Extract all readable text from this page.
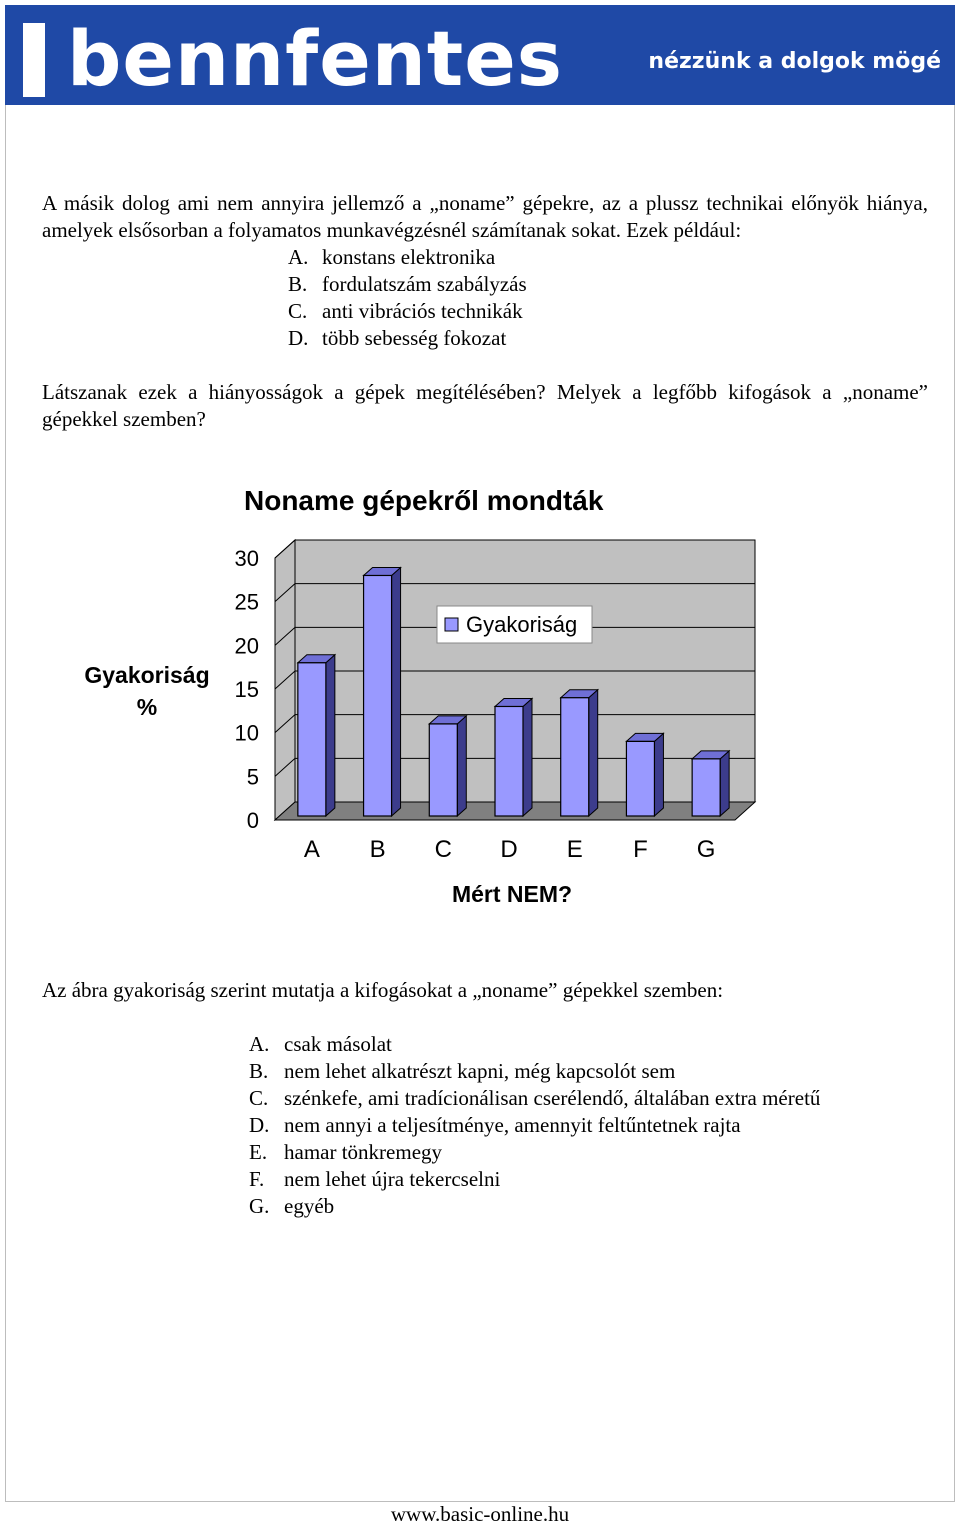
bennfentes	nézzünk a dolgok mögé
A másik dolog ami nem annyira jellemző a „noname” gépekre, az a plussz technikai előnyök hiánya, amelyek elsősorban a folyamatos munkavégzésnél számítanak sokat. Ezek például:
A. konstans elektronika
B. fordulatszám szabályzás
C. anti vibrációs technikák
D. több sebesség fokozat
Látszanak ezek a hiányosságok a gépek megítélésében? Melyek a legfőbb kifogások a „noname” gépekkel szemben?
Noname gépekről mondták
0
5
10
15
20
25
30
A B C D E F G
Gyakoriság %
Mért NEM?
Gyakoriság
Az ábra gyakoriság szerint mutatja a kifogásokat a „noname” gépekkel szemben:
A. csak másolat
B. nem lehet alkatrészt kapni, még kapcsolót sem
C. szénkefe, ami tradícionálisan cserélendő, általában extra méretű
D. nem annyi a teljesítménye, amennyit feltűntetnek rajta
E. hamar tönkremegy
F. nem lehet újra tekercselni
G. egyéb
www.basic-online.hu
